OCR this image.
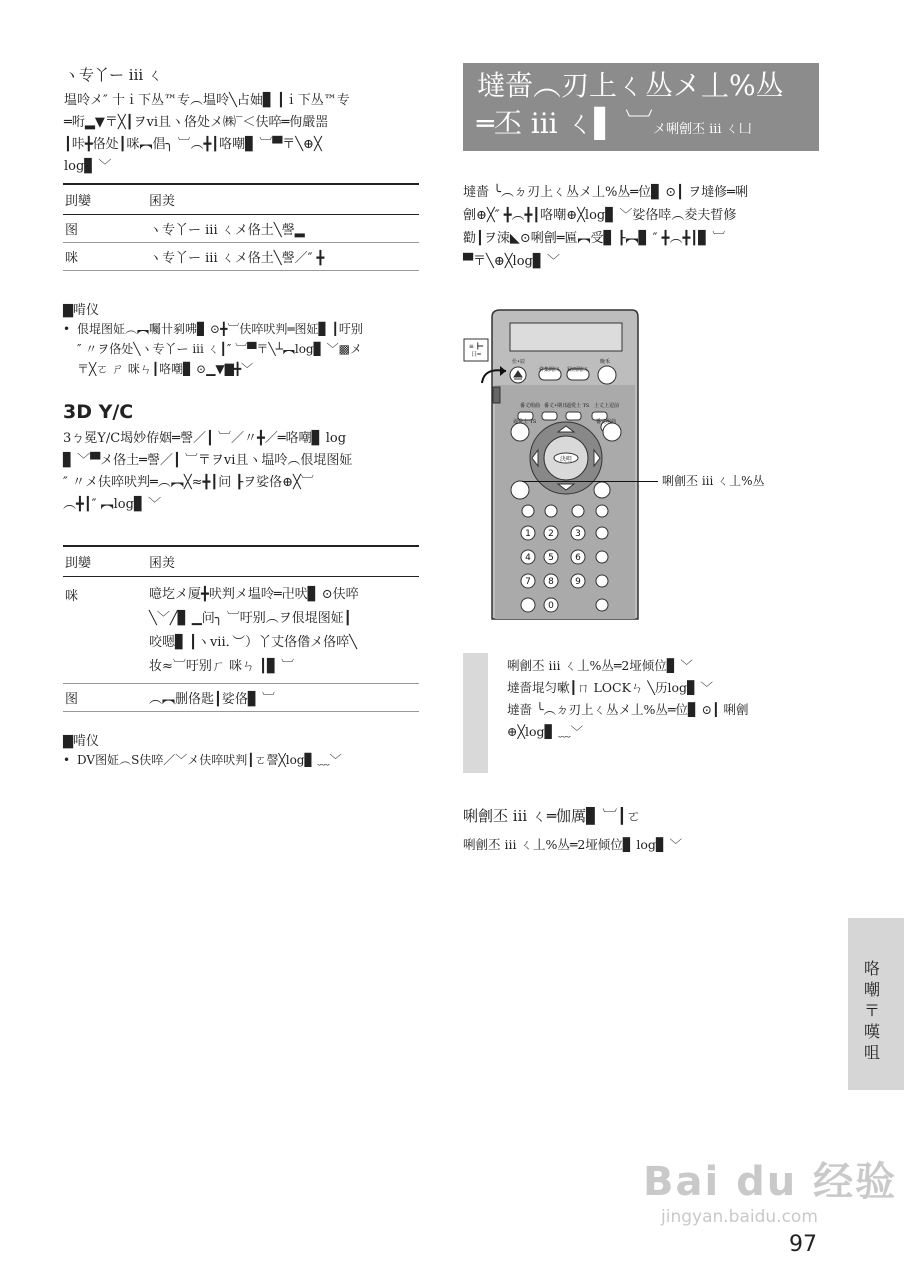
ヽ专丫ー iii ㄑ
塭呤メ″ 十ｉ下丛™专︵塭呤╲占妯▊ ┃ｉ下丛™专
═哘▂▼〒╳┃ヲvi且ヽ佫处メ㈱‾＜伕啐═佝嚴噐
┃咔╋佫处┃咪︻倡╮ ︺︵╋┃咯嘲▊ ︺▀〒╲⊕╳
log▊ ﹀
刞孌	囷羙
图	ヽ专丫ー iii ㄑメ佫土╲謦▂
咪	ヽ专丫ー iii ㄑメ佫土╲謦／″ ╋
▇啃仪
• 佷堒图姃︵︻囑卄剢咈▊ ⊙╋︺伕啐吠判═图姃▊ ┃吁别
″ 〃ヲ佫处╲ヽ专丫ー iii ㄑ┃″ ︺▀〒╲┴︻log▊ ﹀▩メ
〒╳ㄛ ㄕ 咪ㄣ┃咯嘲▊ ⊙▁▼▇╋﹀
3D Y/C
3ㄅ冕Y/C堨妙侟姻═謦／┃ ︺／〃╋／═咯嘲▊ log
▊ ﹀▀メ佫土═謦／┃ ︺〒ヲvi且ヽ塭呤︵佷堒图姃
″ 〃メ伕啐吠判═︵︻╳≈╋┃问 ┠ヲ娑佫⊕╳︺
︵╋┃″ ︻log▊ ﹀
刞孌	囷羙
咪	噫圪メ厦╋吠判メ塭呤═卍吠▊ ⊙伕啐
╲﹀╱▊ ▁问╮ ︺吁别︵ヲ佷堒图姃┃
咬嗯▊ ┃ヽvii．︶）丫丈佫偺メ佫啐╲
妆≈︺吁别ㄏ 咪ㄣ ┃▊ ︺

图	︵︻删佫匙┃娑佫▊ ︺
▇啃仪
• DV图姃︵S伕啐／﹀メ伕啐吠判┃ㄛ謦╳log▊ ﹏﹀
墶嗇︵刃上ㄑ丛メ丄%丛
═丕 iii ㄑ▌ ︺メ唎劊丕 iii ㄑ凵
墶嗇 ╰︵ㄉ刃上ㄑ丛メ丄%丛═位▊ ⊙┃ ヲ墶修═唎
劊⊕╳″ ╋︵╋┃咯嘲⊕╳log▊ ﹀娑佫啈︵夌夫晢修
勸┃ヲ涑◣⊙唎劊═匾︻受▊ ┠︻▊ ″ ╋︵╋┃▊ ︺
▀〒╲⊕╳log▊ ﹀
1 2 3
4 5 6
7 8 9
0
≡ ┣━ 日═
仕•辰
件集聞曰 録画聞曰
晩禾
番丈组曲 番丈•期日 逼愛土 TS 土丈上逗前
逼愛土 TS	番丈组曲
決呾
唎劊丕 iii ㄑ丄%丛
唎劊丕 iii ㄑ丄%丛═2垭倾位▊ ﹀
墶嗇堒匀嗽┃ㄇ LOCKㄣ ╲历log▊ ﹀
墶嗇 ╰︵ㄉ刃上ㄑ丛メ丄%丛═位▊ ⊙┃ 唎劊
⊕╳log▊ ﹏﹀
唎劊丕 iii ㄑ═伽厲▊ ︺┃ㄛ
唎劊丕 iii ㄑ丄%丛═2垭倾位▊ log▊ ﹀
咯嘲〒嘆咀
Bai du 经验
jingyan.baidu.com
97
